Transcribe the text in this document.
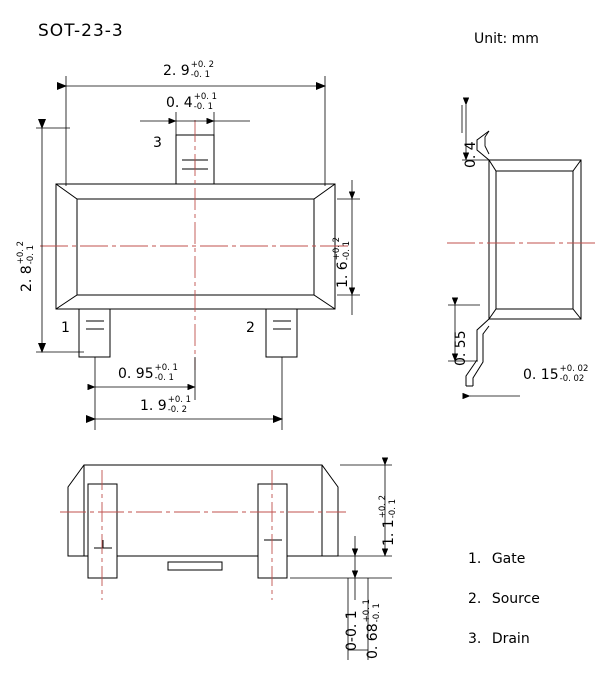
SOT-23-3	Unit: mm
2. 9 +0. 2
-0. 1
0. 4 +0. 1
-0. 1
2. 8
+0. 2 -0. 1
1. 6
+0. 2 -0. 1
0. 95 +0. 1
-0. 1
1. 9 +0. 1
-0. 2
3
1	2
0. 4
0. 55
0. 15 +0. 02
-0. 02
1. 1
+0. 2 -0. 1
0-0. 1 0. 68
+0. 1 -0. 1
1. Gate
2. Source
3. Drain
